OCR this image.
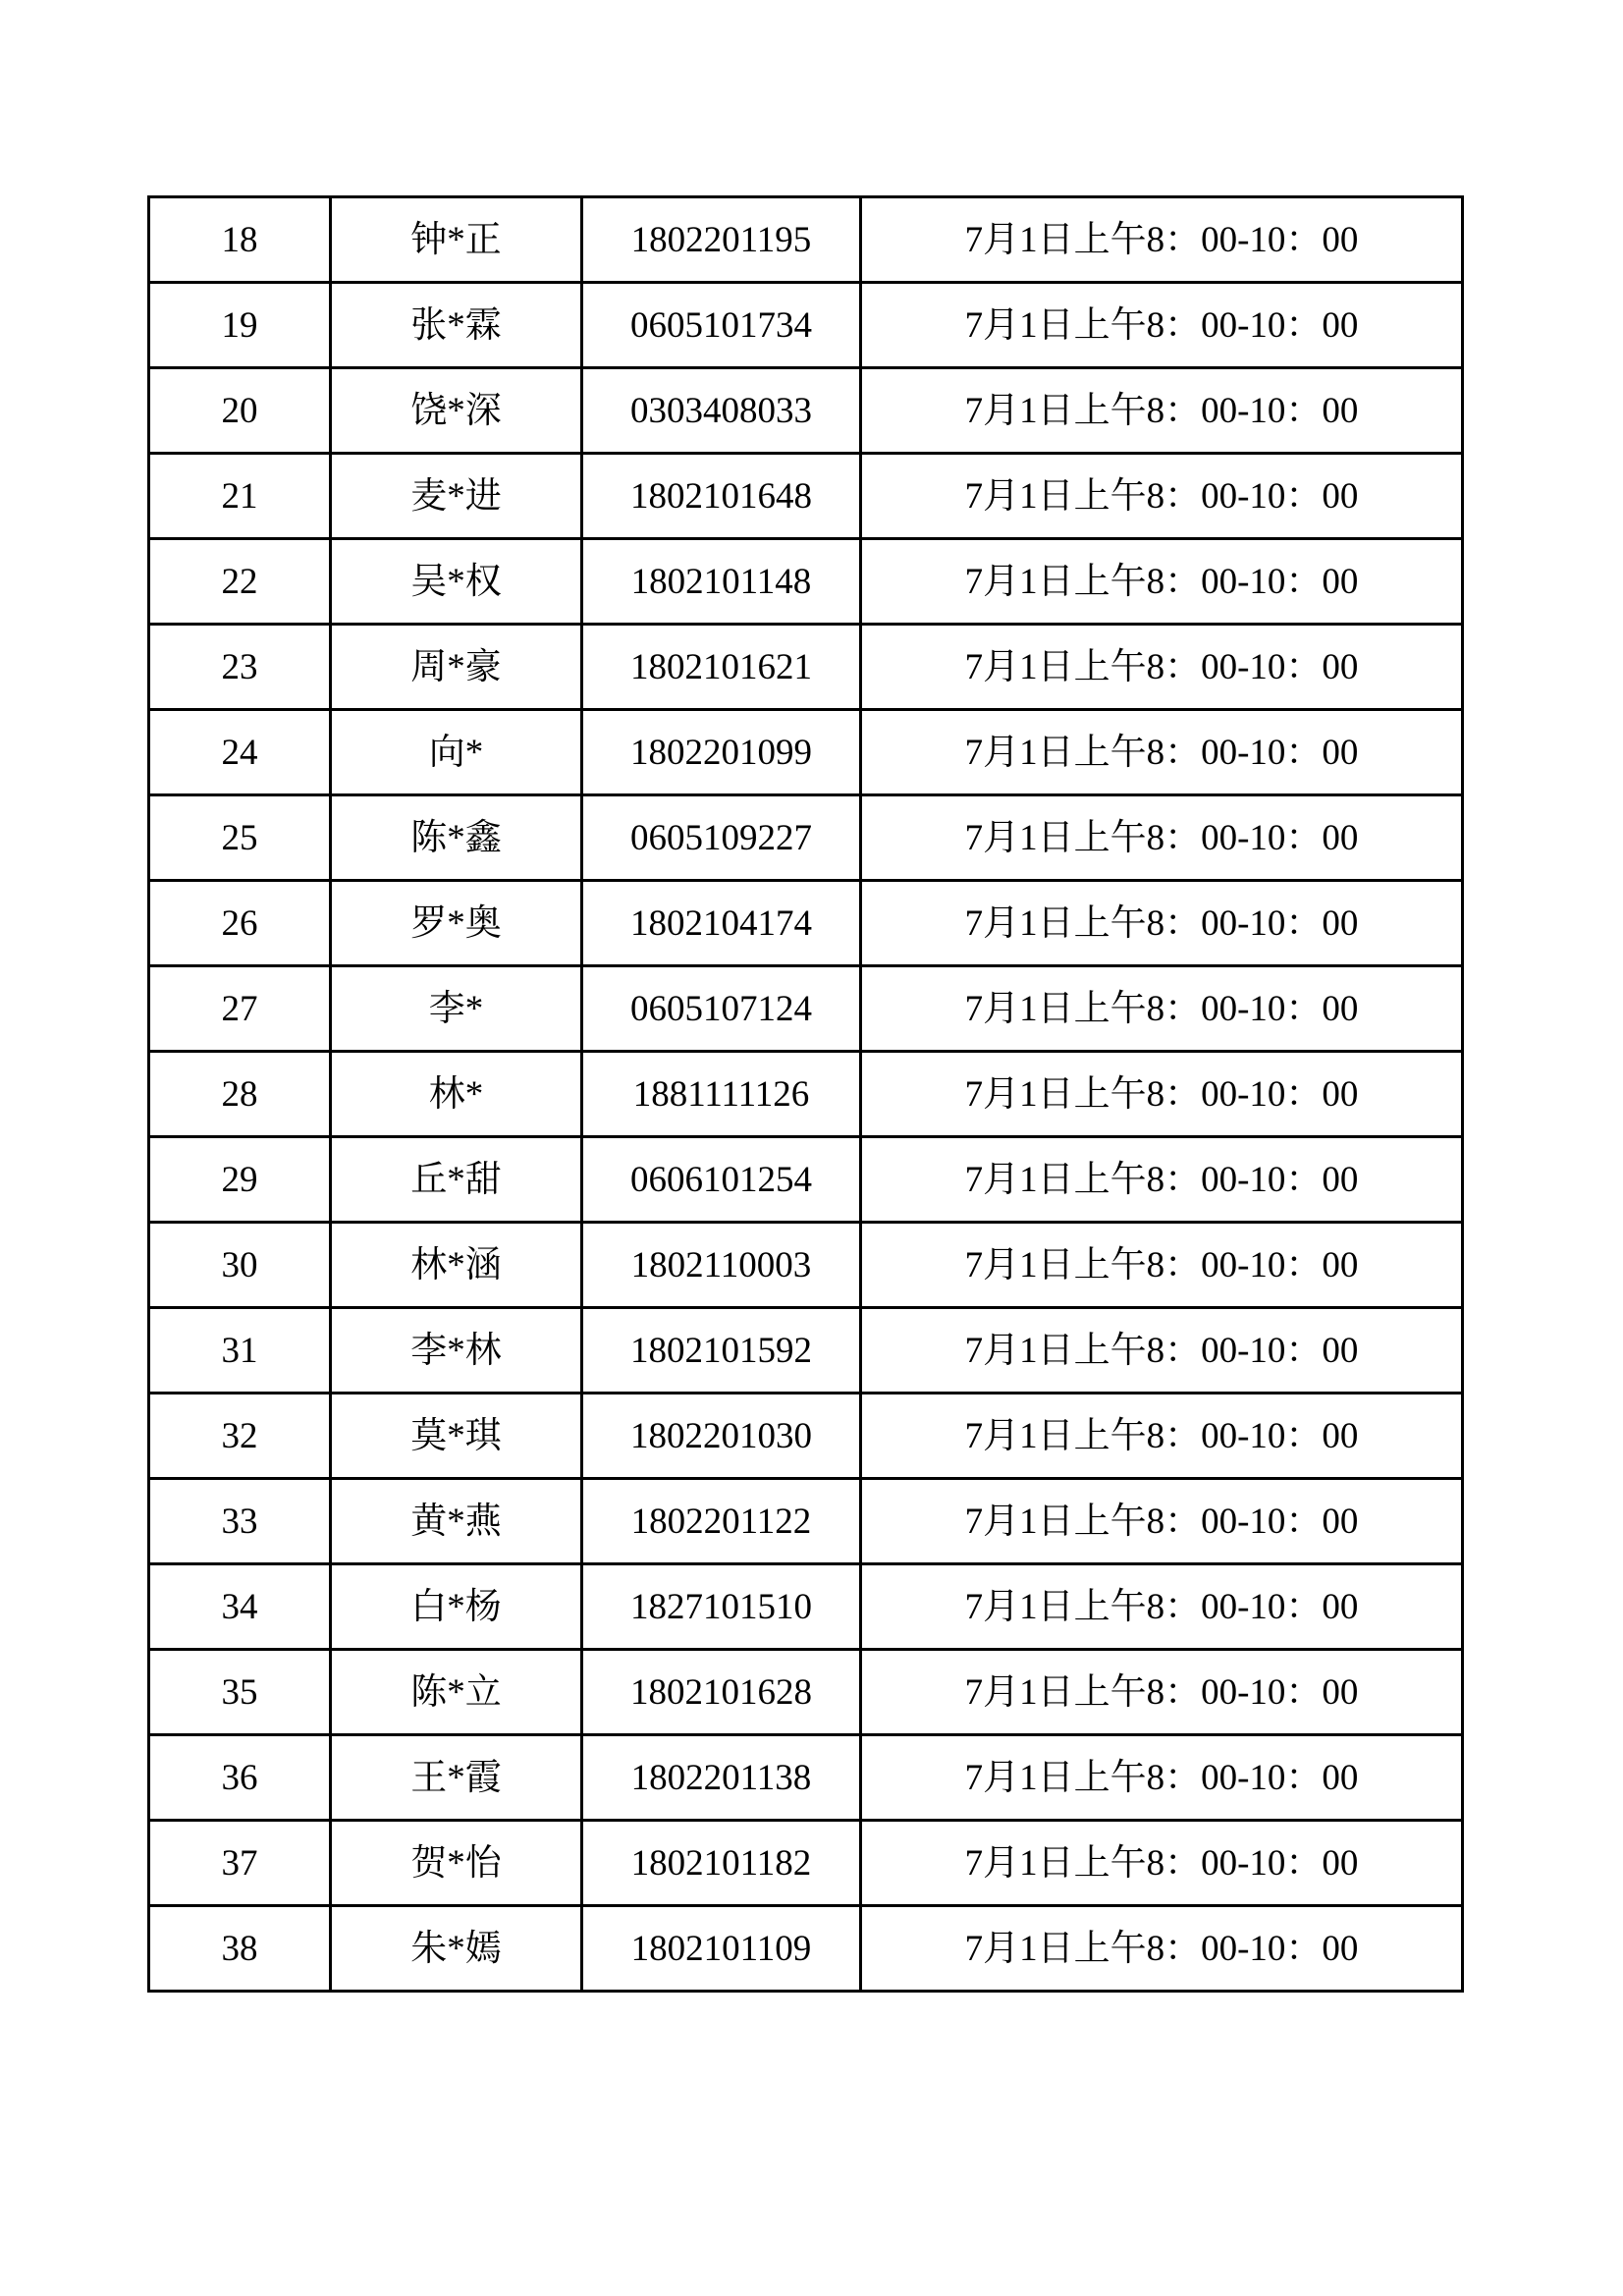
18	钟*正	1802201195	7月1日上午8：00-10：00
19	张*霖	0605101734	7月1日上午8：00-10：00
20	饶*深	0303408033	7月1日上午8：00-10：00
21	麦*进	1802101648	7月1日上午8：00-10：00
22	吴*权	1802101148	7月1日上午8：00-10：00
23	周*豪	1802101621	7月1日上午8：00-10：00
24	向*	1802201099	7月1日上午8：00-10：00
25	陈*鑫	0605109227	7月1日上午8：00-10：00
26	罗*奥	1802104174	7月1日上午8：00-10：00
27	李*	0605107124	7月1日上午8：00-10：00
28	林*	1881111126	7月1日上午8：00-10：00
29	丘*甜	0606101254	7月1日上午8：00-10：00
30	林*涵	1802110003	7月1日上午8：00-10：00
31	李*林	1802101592	7月1日上午8：00-10：00
32	莫*琪	1802201030	7月1日上午8：00-10：00
33	黄*燕	1802201122	7月1日上午8：00-10：00
34	白*杨	1827101510	7月1日上午8：00-10：00
35	陈*立	1802101628	7月1日上午8：00-10：00
36	王*霞	1802201138	7月1日上午8：00-10：00
37	贺*怡	1802101182	7月1日上午8：00-10：00
38	朱*嫣	1802101109	7月1日上午8：00-10：00
